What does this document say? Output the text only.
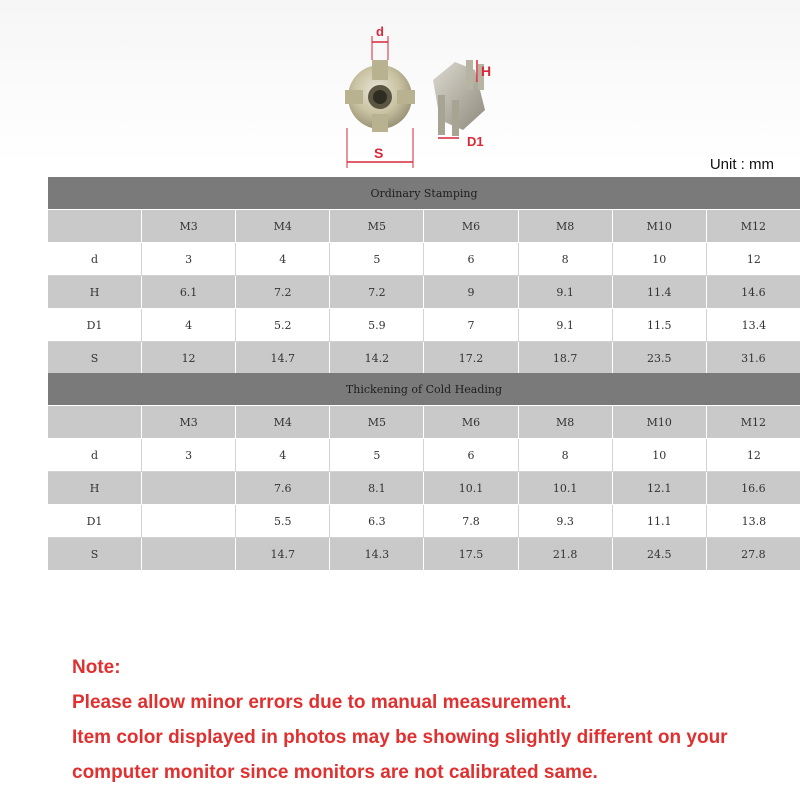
d
H
D1
S
Unit : mm
Ordinary Stamping							
	M3	M4	M5	M6	M8	M10	M12
d	3	4	5	6	8	10	12
H	6.1	7.2	7.2	9	9.1	11.4	14.6
D1	4	5.2	5.9	7	9.1	11.5	13.4
S	12	14.7	14.2	17.2	18.7	23.5	31.6
Thickening of Cold Heading							
	M3	M4	M5	M6	M8	M10	M12
d	3	4	5	6	8	10	12
H		7.6	8.1	10.1	10.1	12.1	16.6
D1		5.5	6.3	7.8	9.3	11.1	13.8
S		14.7	14.3	17.5	21.8	24.5	27.8
Note:
Please allow minor errors due to manual measurement.
Item color displayed in photos may be showing slightly different on your
computer monitor since monitors are not calibrated same.
